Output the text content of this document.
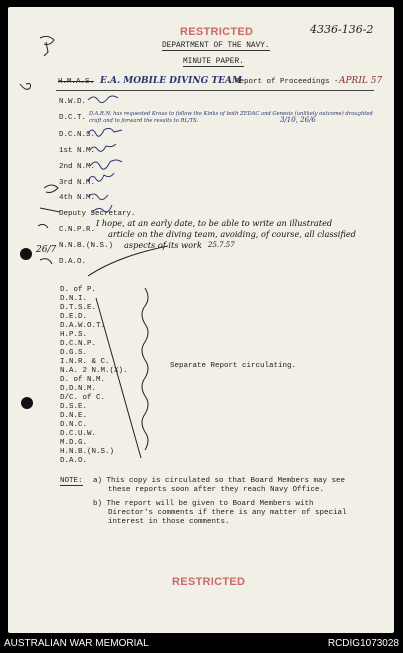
RESTRICTED	4336-136-2
DEPARTMENT OF THE NAVY.
MINUTE PAPER.
H.M.A.S. E.A. MOBILE DIVING TEAM
Report of Proceedings - APRIL 57
N.W.D.
D.C.T.
D.C.N.S.
1st N.M.
2nd N.M.
3rd N.M.
4th N.M.
Deputy Secretary.
C.N.P.R.
N.N.B.(N.S.)
D.A.O.
D.A.R.N. has requested Kraus to follow the Kinks of both ZEDAC and Genesis (unlikely outcome) draughted craft and to forward the results to RL/TS.	3/10, 26/6
I hope, at an early date, to be able to write an illustrated
article on the diving team, avoiding, of course, all classified
aspects of its work 25.7.57
26/7
D. of P.
D.N.I.
D.T.S.E.
D.E.D.
D.A.W.O.T.
H.P.S.
D.C.N.P.
D.G.S.
I.N.R. & C.
N.A. 2 N.M.(X).
D. of N.M.
D.D.N.M.
D/C. of C.
D.S.E.
D.N.E.
D.N.C.
D.C.U.W.
M.D.G.
H.N.B.(N.S.)
D.A.O.
Separate Report circulating.
NOTE: a) This copy is circulated so that Board Members may see
these reports soon after they reach Navy Office.
b) The report will be given to Board Members with
Director's comments if there is any matter of special
interest in those comments.
RESTRICTED
AUSTRALIAN WAR MEMORIAL	RCDIG1073028
